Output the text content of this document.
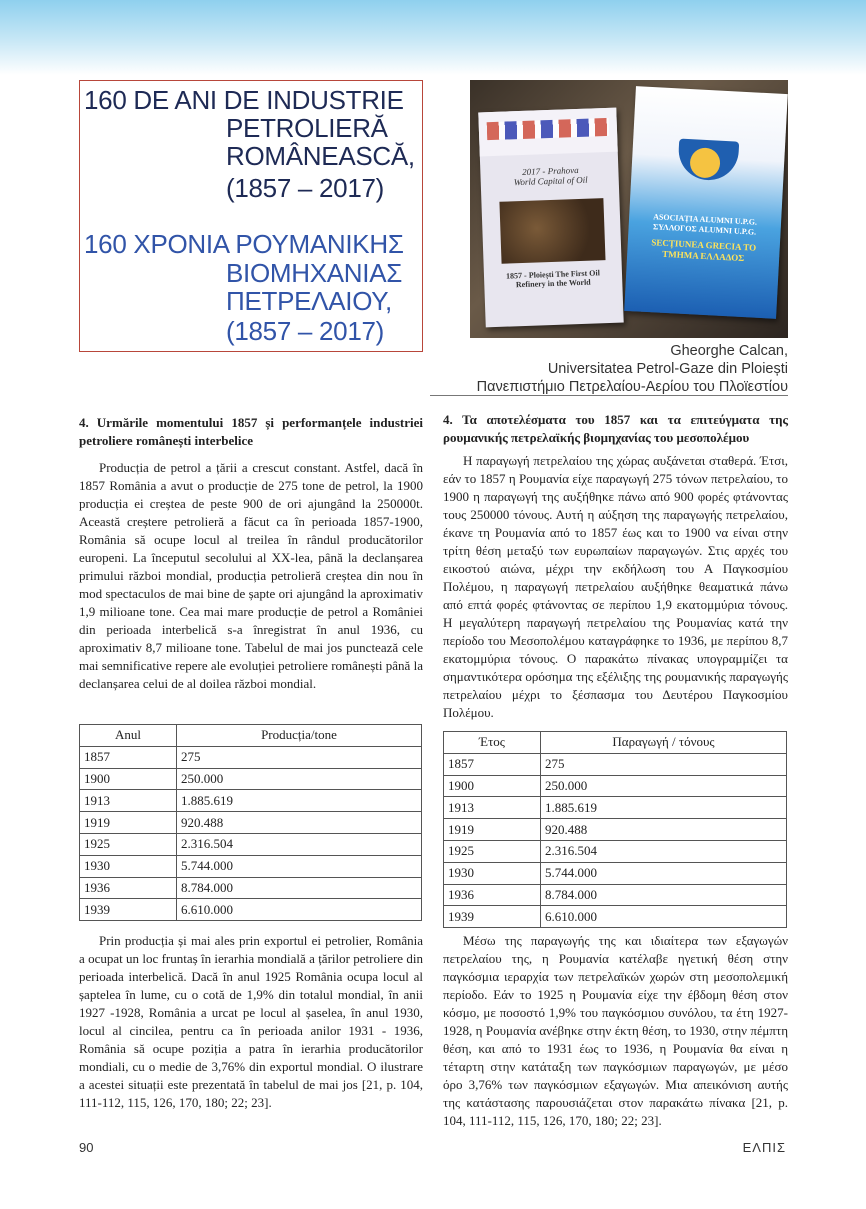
160 DE ANI DE INDUSTRIE
PETROLIERĂ
ROMÂNEASCĂ,
(1857 – 2017)
160 ΧΡΟΝΙΑ ΡΟΥΜΑΝΙΚΗΣ
ΒΙΟΜΗΧΑΝΙΑΣ
ΠΕΤΡΕΛΑΙΟΥ,
(1857 – 2017)
2017 - Prahova World Capital of Oil
1857 - Ploiești The First Oil Refinery in the World
ASOCIAȚIA ALUMNI U.P.G. ΣΥΛΛΟΓΟΣ ALUMNI U.P.G.
SECȚIUNEA GRECIA ΤΟ ΤΜΗΜΑ ΕΛΛΑΔΟΣ
Gheorghe Calcan,
Universitatea Petrol-Gaze din Ploiești
Πανεπιστήμιο Πετρελαίου-Αερίου του Πλοϊεστίου

4. Urmările momentului 1857 și performanțele industriei petroliere românești interbelice

Producția de petrol a țării a crescut constant. Astfel, dacă în 1857 România a avut o producție de 275 tone de petrol, la 1900 producția ei creștea de peste 900 de ori ajungând la 250000t. Această creștere petrolieră a făcut ca în perioada 1857-1900, România să ocupe locul al treilea în rândul producătorilor europeni. La începutul secolului al XX-lea, până la declanșarea primului război mondial, producția petrolieră creștea din nou în mod spectaculos de mai bine de șapte ori ajungând la aproximativ 1,9 milioane tone. Cea mai mare producție de petrol a României din perioada interbelică s-a înregistrat în anul 1936, cu aproximativ 8,7 milioane tone. Tabelul de mai jos punctează cele mai semnificative repere ale evoluției petroliere românești până la declanșarea celui de al doilea război mondial.

Anul	Producția/tone
1857	275
1900	250.000
1913	1.885.619
1919	920.488
1925	2.316.504
1930	5.744.000
1936	8.784.000
1939	6.610.000

Prin producția și mai ales prin exportul ei petrolier, România a ocupat un loc fruntaș în ierarhia mondială a țărilor petroliere din perioada interbelică. Dacă în anul 1925 România ocupa locul al șaptelea în lume, cu o cotă de 1,9% din totalul mondial, în anii 1927 -1928, România a urcat pe locul al șaselea, în anul 1930, locul al cincilea, pentru ca în perioada anilor 1931 - 1936, România să ocupe poziția a patra în ierarhia producătorilor mondiali, cu o medie de 3,76% din exportul mondial. O ilustrare a acestei situații este prezentată în tabelul de mai jos [21, p. 104, 111-112, 115, 126, 170, 180; 22; 23].

4. Τα αποτελέσματα του 1857 και τα επιτεύγματα της ρουμανικής πετρελαϊκής βιομηχανίας του μεσοπολέμου

Η παραγωγή πετρελαίου της χώρας αυξάνεται σταθερά. Έτσι, εάν το 1857 η Ρουμανία είχε παραγωγή 275 τόνων πετρελαίου, το 1900 η παραγωγή της αυξήθηκε πάνω από 900 φορές φτάνοντας τους 250000 τόνους. Αυτή η αύξηση της παραγωγής πετρελαίου, έκανε τη Ρουμανία από το 1857 έως και το 1900 να είναι στην τρίτη θέση μεταξύ των ευρωπαίων παραγωγών. Στις αρχές του εικοστού αιώνα, μέχρι την εκδήλωση του Α Παγκοσμίου Πολέμου, η παραγωγή πετρελαίου αυξήθηκε θεαματικά πάνω από επτά φορές φτάνοντας σε περίπου 1,9 εκατομμύρια τόνους. Η μεγαλύτερη παραγωγή πετρελαίου της Ρουμανίας κατά την περίοδο του Μεσοπολέμου καταγράφηκε το 1936, με περίπου 8,7 εκατομμύρια τόνους. Ο παρακάτω πίνακας υπογραμμίζει τα σημαντικότερα ορόσημα της εξέλιξης της ρουμανικής παραγωγής πετρελαίου μέχρι το ξέσπασμα του Δευτέρου Παγκοσμίου Πολέμου.

Έτος	Παραγωγή / τόνους
1857	275
1900	250.000
1913	1.885.619
1919	920.488
1925	2.316.504
1930	5.744.000
1936	8.784.000
1939	6.610.000

Μέσω της παραγωγής της και ιδιαίτερα των εξαγωγών πετρελαίου της, η Ρουμανία κατέλαβε ηγετική θέση στην παγκόσμια ιεραρχία των πετρελαϊκών χωρών στη μεσοπολεμική περίοδο. Εάν το 1925 η Ρουμανία είχε την έβδομη θέση στον κόσμο, με ποσοστό 1,9% του παγκόσμιου συνόλου, τα έτη 1927-1928, η Ρουμανία ανέβηκε στην έκτη θέση, το 1930, στην πέμπτη θέση, και από το 1931 έως το 1936, η Ρουμανία θα είναι η τέταρτη στην κατάταξη των παγκόσμιων παραγωγών, με μέσο όρο 3,76% των παγκόσμιων εξαγωγών. Μια απεικόνιση αυτής της κατάστασης παρουσιάζεται στον παρακάτω πίνακα [21, p. 104, 111-112, 115, 126, 170, 180; 22; 23].

90	ΕΛΠΙΣ
